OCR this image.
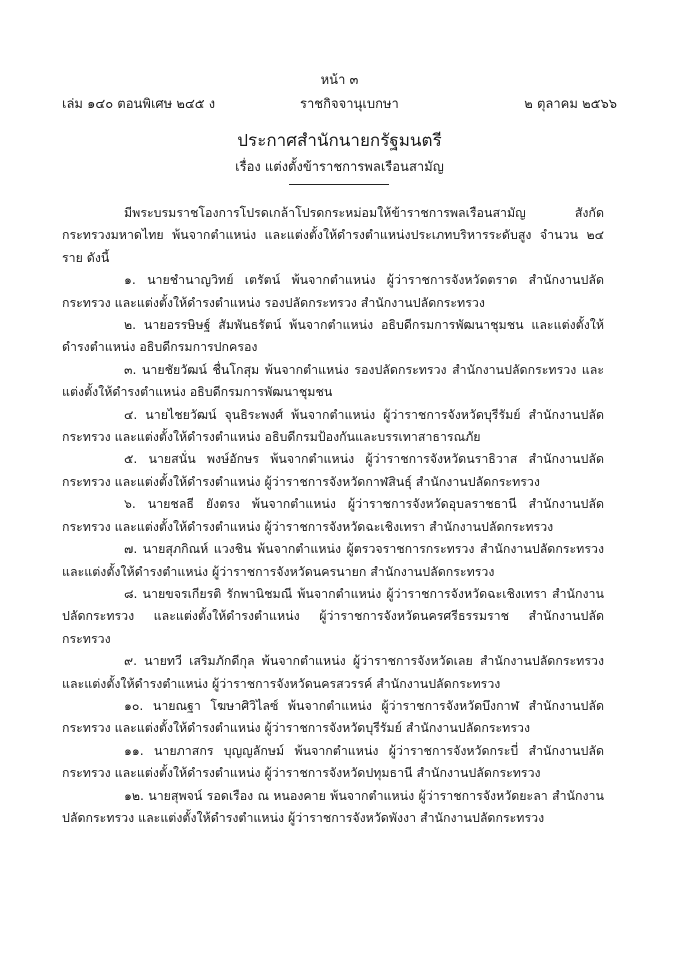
หน้า ๓
เล่ม ๑๔๐ ตอนพิเศษ ๒๔๕ ง	ราชกิจจานุเบกษา	๒ ตุลาคม ๒๕๖๖
ประกาศสำนักนายกรัฐมนตรี
เรื่อง แต่งตั้งข้าราชการพลเรือนสามัญ

มีพระบรมราชโองการโปรดเกล้าโปรดกระหม่อมให้ข้าราชการพลเรือนสามัญ สังกัดกระทรวงมหาดไทย พ้นจากตำแหน่ง และแต่งตั้งให้ดำรงตำแหน่งประเภทบริหารระดับสูง จำนวน ๒๔ ราย ดังนี้

๑. นายชำนาญวิทย์ เตรัตน์ พ้นจากตำแหน่ง ผู้ว่าราชการจังหวัดตราด สำนักงานปลัดกระทรวง และแต่งตั้งให้ดำรงตำแหน่ง รองปลัดกระทรวง สำนักงานปลัดกระทรวง

๒. นายอรรษิษฐ์ สัมพันธรัตน์ พ้นจากตำแหน่ง อธิบดีกรมการพัฒนาชุมชน และแต่งตั้งให้ดำรงตำแหน่ง อธิบดีกรมการปกครอง

๓. นายชัยวัฒน์ ชื่นโกสุม พ้นจากตำแหน่ง รองปลัดกระทรวง สำนักงานปลัดกระทรวง และแต่งตั้งให้ดำรงตำแหน่ง อธิบดีกรมการพัฒนาชุมชน

๔. นายไชยวัฒน์ จุนธิระพงศ์ พ้นจากตำแหน่ง ผู้ว่าราชการจังหวัดบุรีรัมย์ สำนักงานปลัดกระทรวง และแต่งตั้งให้ดำรงตำแหน่ง อธิบดีกรมป้องกันและบรรเทาสาธารณภัย

๕. นายสนั่น พงษ์อักษร พ้นจากตำแหน่ง ผู้ว่าราชการจังหวัดนราธิวาส สำนักงานปลัดกระทรวง และแต่งตั้งให้ดำรงตำแหน่ง ผู้ว่าราชการจังหวัดกาฬสินธุ์ สำนักงานปลัดกระทรวง

๖. นายชลธี ยังตรง พ้นจากตำแหน่ง ผู้ว่าราชการจังหวัดอุบลราชธานี สำนักงานปลัดกระทรวง และแต่งตั้งให้ดำรงตำแหน่ง ผู้ว่าราชการจังหวัดฉะเชิงเทรา สำนักงานปลัดกระทรวง

๗. นายสุภกิณห์ แวงชิน พ้นจากตำแหน่ง ผู้ตรวจราชการกระทรวง สำนักงานปลัดกระทรวง และแต่งตั้งให้ดำรงตำแหน่ง ผู้ว่าราชการจังหวัดนครนายก สำนักงานปลัดกระทรวง

๘. นายขจรเกียรติ รักพานิชมณี พ้นจากตำแหน่ง ผู้ว่าราชการจังหวัดฉะเชิงเทรา สำนักงานปลัดกระทรวง และแต่งตั้งให้ดำรงตำแหน่ง ผู้ว่าราชการจังหวัดนครศรีธรรมราช สำนักงานปลัดกระทรวง

๙. นายทวี เสริมภักดีกุล พ้นจากตำแหน่ง ผู้ว่าราชการจังหวัดเลย สำนักงานปลัดกระทรวง และแต่งตั้งให้ดำรงตำแหน่ง ผู้ว่าราชการจังหวัดนครสวรรค์ สำนักงานปลัดกระทรวง

๑๐. นายณฐา โฆษาศิวิไลซ์ พ้นจากตำแหน่ง ผู้ว่าราชการจังหวัดบึงกาฬ สำนักงานปลัดกระทรวง และแต่งตั้งให้ดำรงตำแหน่ง ผู้ว่าราชการจังหวัดบุรีรัมย์ สำนักงานปลัดกระทรวง

๑๑. นายภาสกร บุญญลักษม์ พ้นจากตำแหน่ง ผู้ว่าราชการจังหวัดกระบี่ สำนักงานปลัดกระทรวง และแต่งตั้งให้ดำรงตำแหน่ง ผู้ว่าราชการจังหวัดปทุมธานี สำนักงานปลัดกระทรวง

๑๒. นายสุพจน์ รอดเรือง ณ หนองคาย พ้นจากตำแหน่ง ผู้ว่าราชการจังหวัดยะลา สำนักงานปลัดกระทรวง และแต่งตั้งให้ดำรงตำแหน่ง ผู้ว่าราชการจังหวัดพังงา สำนักงานปลัดกระทรวง
